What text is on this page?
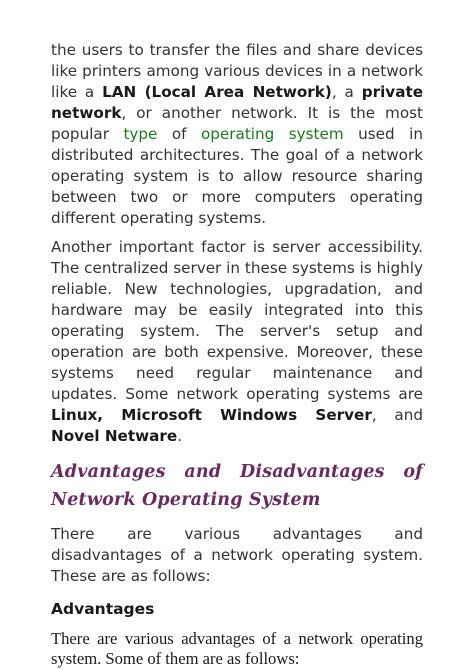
the users to transfer the files and share devices like printers among various devices in a network like a LAN (Local Area Network), a private network, or another network. It is the most popular type of operating system used in distributed architectures. The goal of a network operating system is to allow resource sharing between two or more computers operating different operating systems.

Another important factor is server accessibility. The centralized server in these systems is highly reliable. New technologies, upgradation, and hardware may be easily integrated into this operating system. The server's setup and operation are both expensive. Moreover, these systems need regular maintenance and updates. Some network operating systems are Linux, Microsoft Windows Server, and Novel Netware.

Advantages and Disadvantages of Network Operating System

There are various advantages and disadvantages of a network operating system. These are as follows:

Advantages

There are various advantages of a network operating system. Some of them are as follows:
